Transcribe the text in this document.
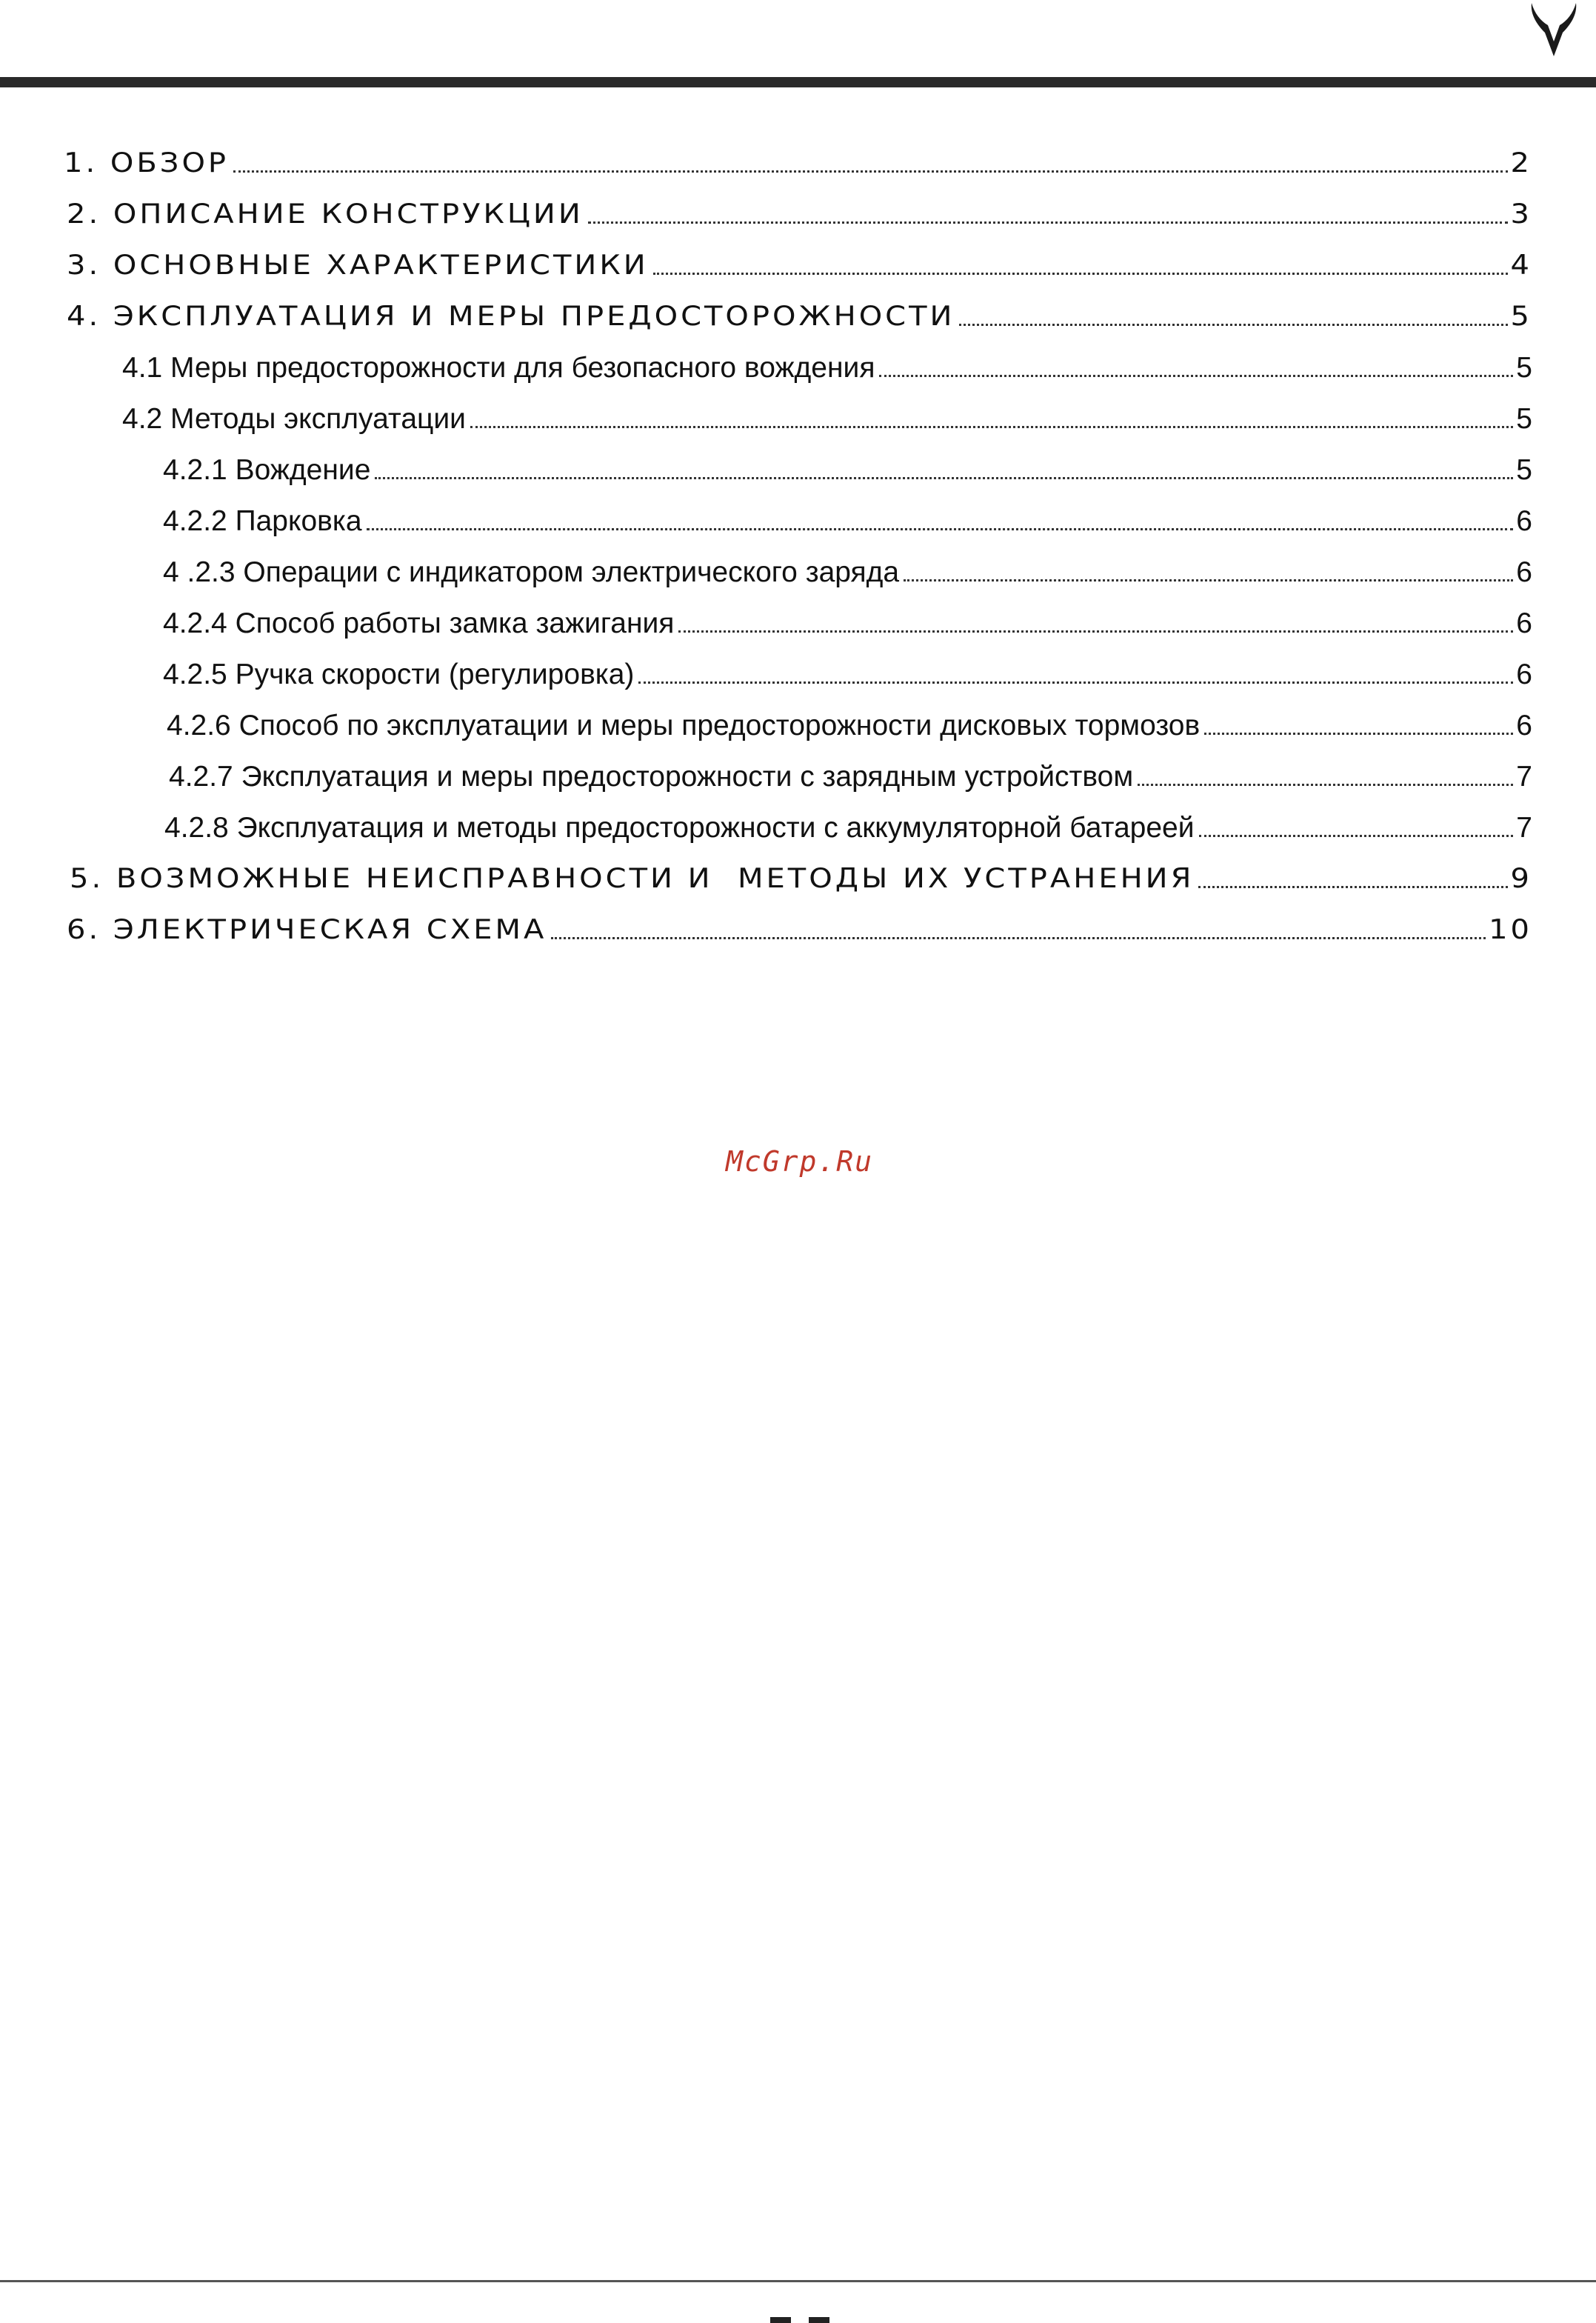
1. ОБЗОР	2
2. ОПИСАНИЕ КОНСТРУКЦИИ	3
3. ОСНОВНЫЕ ХАРАКТЕРИСТИКИ	4
4. ЭКСПЛУАТАЦИЯ И МЕРЫ ПРЕДОСТОРОЖНОСТИ	5
4.1 Меры предосторожности для безопасного вождения	5
4.2 Методы эксплуатации	5
4.2.1 Вождение	5
4.2.2 Парковка	6
4 .2.3 Операции с индикатором электрического заряда	6
4.2.4 Способ работы замка зажигания	6
4.2.5 Ручка скорости (регулировка)	6
4.2.6 Способ по эксплуатации и меры предосторожности дисковых тормозов	6
4.2.7 Эксплуатация и меры предосторожности с зарядным устройством	7
4.2.8 Эксплуатация и методы предосторожности с аккумуляторной батареей	7
5. ВОЗМОЖНЫЕ НЕИСПРАВНОСТИ И  МЕТОДЫ ИХ УСТРАНЕНИЯ	9
6. ЭЛЕКТРИЧЕСКАЯ СХЕМА	10
McGrp.Ru
